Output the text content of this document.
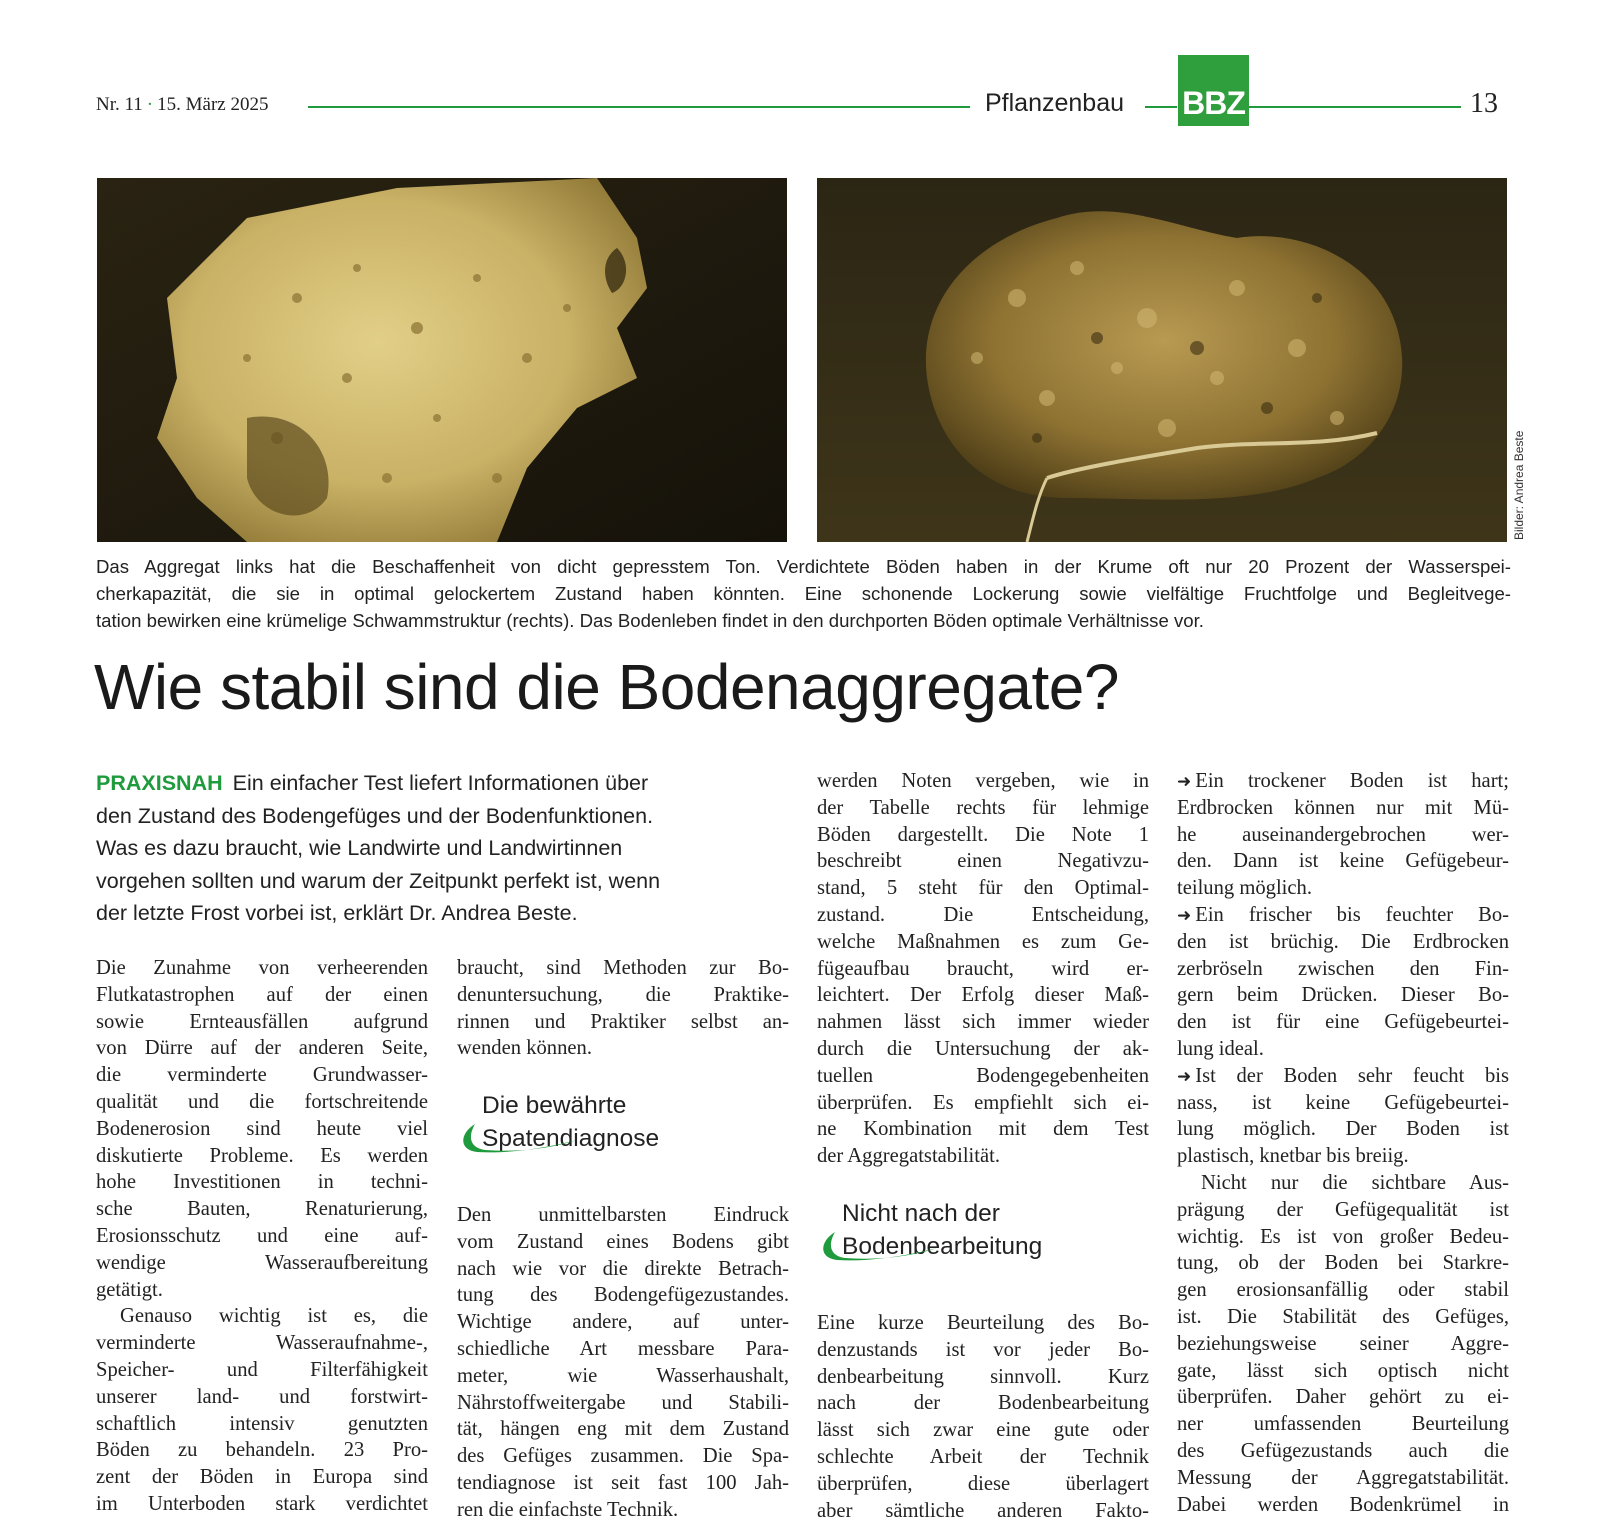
Nr. 11 · 15. März 2025	Pflanzenbau BBZ	13
Bilder: Andrea Beste
Das Aggregat links hat die Beschaffenheit von dicht gepresstem Ton. Verdichtete Böden haben in der Krume oft nur 20 Prozent der Wasserspei-
cherkapazität, die sie in optimal gelockertem Zustand haben könnten. Eine schonende Lockerung sowie vielfältige Fruchtfolge und Begleitvege-
tation bewirken eine krümelige Schwammstruktur (rechts). Das Bodenleben findet in den durchporten Böden optimale Verhältnisse vor.
Wie stabil sind die Bodenaggregate?
PRAXISNAH Ein einfacher Test liefert Informationen über
den Zustand des Bodengefüges und der Bodenfunktionen.
Was es dazu braucht, wie Landwirte und Landwirtinnen
vorgehen sollten und warum der Zeitpunkt perfekt ist, wenn
der letzte Frost vorbei ist, erklärt Dr. Andrea Beste.
Die Zunahme von verheerenden
Flutkatastrophen auf der einen
sowie Ernteausfällen aufgrund
von Dürre auf der anderen Seite,
die verminderte Grundwasser-
qualität und die fortschreitende
Bodenerosion sind heute viel
diskutierte Probleme. Es werden
hohe Investitionen in techni-
sche Bauten, Renaturierung,
Erosionsschutz und eine auf-
wendige Wasseraufbereitung
getätigt.
Genauso wichtig ist es, die
verminderte Wasseraufnahme-,
Speicher- und Filterfähigkeit
unserer land- und forstwirt-
schaftlich intensiv genutzten
Böden zu behandeln. 23 Pro-
zent der Böden in Europa sind
im Unterboden stark verdichtet
braucht, sind Methoden zur Bo-
denuntersuchung, die Praktike-
rinnen und Praktiker selbst an-
wenden können.
Die bewährte
Spatendiagnose
Den unmittelbarsten Eindruck
vom Zustand eines Bodens gibt
nach wie vor die direkte Betrach-
tung des Bodengefügezustandes.
Wichtige andere, auf unter-
schiedliche Art messbare Para-
meter, wie Wasserhaushalt,
Nährstoffweitergabe und Stabili-
tät, hängen eng mit dem Zustand
des Gefüges zusammen. Die Spa-
tendiagnose ist seit fast 100 Jah-
ren die einfachste Technik.
werden Noten vergeben, wie in
der Tabelle rechts für lehmige
Böden dargestellt. Die Note 1
beschreibt einen Negativzu-
stand, 5 steht für den Optimal-
zustand. Die Entscheidung,
welche Maßnahmen es zum Ge-
fügeaufbau braucht, wird er-
leichtert. Der Erfolg dieser Maß-
nahmen lässt sich immer wieder
durch die Untersuchung der ak-
tuellen Bodengegebenheiten
überprüfen. Es empfiehlt sich ei-
ne Kombination mit dem Test
der Aggregatstabilität.
Nicht nach der
Bodenbearbeitung
Eine kurze Beurteilung des Bo-
denzustands ist vor jeder Bo-
denbearbeitung sinnvoll. Kurz
nach der Bodenbearbeitung
lässt sich zwar eine gute oder
schlechte Arbeit der Technik
überprüfen, diese überlagert
aber sämtliche anderen Fakto-
➜ Ein trockener Boden ist hart;
Erdbrocken können nur mit Mü-
he auseinandergebrochen wer-
den. Dann ist keine Gefügebeur-
teilung möglich.
➜ Ein frischer bis feuchter Bo-
den ist brüchig. Die Erdbrocken
zerbröseln zwischen den Fin-
gern beim Drücken. Dieser Bo-
den ist für eine Gefügebeurtei-
lung ideal.
➜ Ist der Boden sehr feucht bis
nass, ist keine Gefügebeurtei-
lung möglich. Der Boden ist
plastisch, knetbar bis breiig.
Nicht nur die sichtbare Aus-
prägung der Gefügequalität ist
wichtig. Es ist von großer Bedeu-
tung, ob der Boden bei Starkre-
gen erosionsanfällig oder stabil
ist. Die Stabilität des Gefüges,
beziehungsweise seiner Aggre-
gate, lässt sich optisch nicht
überprüfen. Daher gehört zu ei-
ner umfassenden Beurteilung
des Gefügezustands auch die
Messung der Aggregatstabilität.
Dabei werden Bodenkrümel in
